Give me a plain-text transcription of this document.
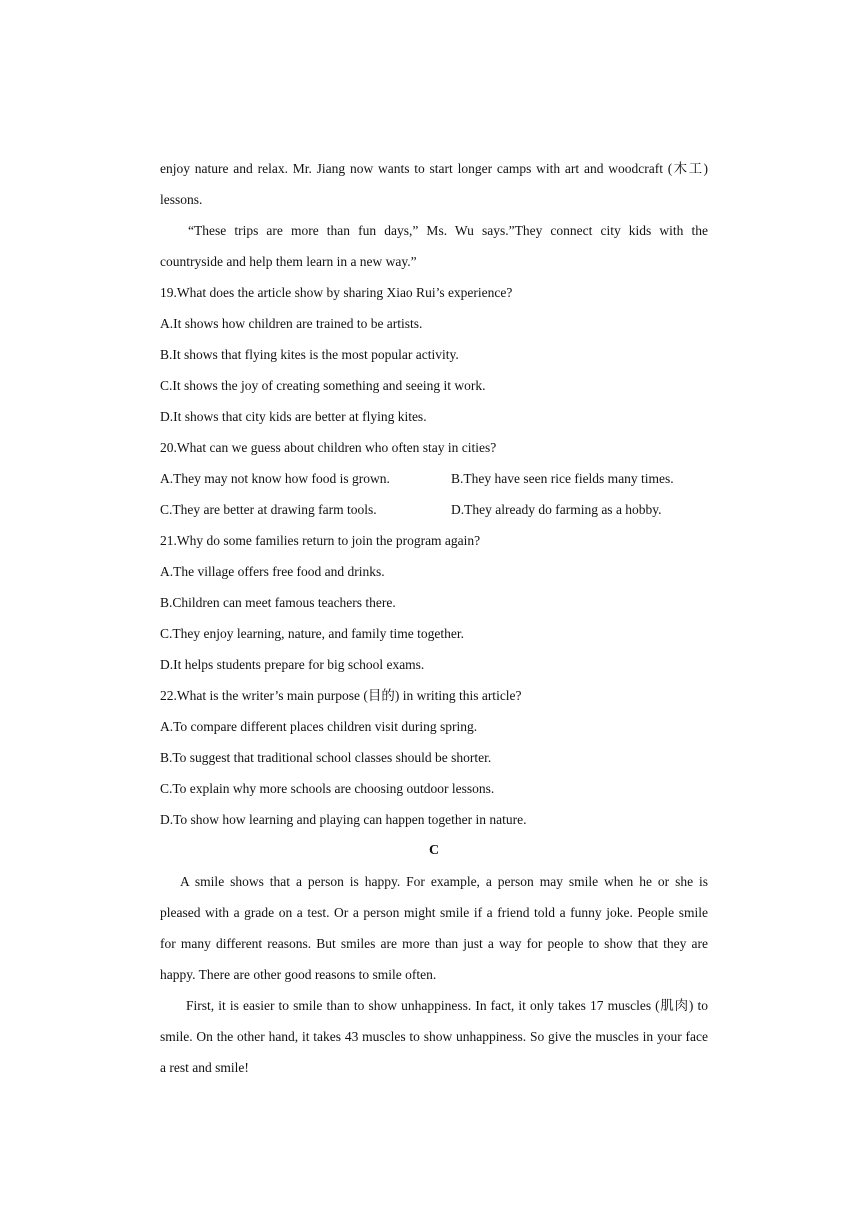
enjoy nature and relax. Mr. Jiang now wants to start longer camps with art and woodcraft (木工)
lessons.
“These trips are more than fun days,” Ms. Wu says.”They connect city kids with the
countryside and help them learn in a new way.”
19.What does the article show by sharing Xiao Rui’s experience?
A.It shows how children are trained to be artists.
B.It shows that flying kites is the most popular activity.
C.It shows the joy of creating something and seeing it work.
D.It shows that city kids are better at flying kites.
20.What can we guess about children who often stay in cities?
A.They may not know how food is grown.	B.They have seen rice fields many times.
C.They are better at drawing farm tools.	D.They already do farming as a hobby.
21.Why do some families return to join the program again?
A.The village offers free food and drinks.
B.Children can meet famous teachers there.
C.They enjoy learning, nature, and family time together.
D.It helps students prepare for big school exams.
22.What is the writer’s main purpose (目的) in writing this article?
A.To compare different places children visit during spring.
B.To suggest that traditional school classes should be shorter.
C.To explain why more schools are choosing outdoor lessons.
D.To show how learning and playing can happen together in nature.
C
A smile shows that a person is happy. For example, a person may smile when he or she is
pleased with a grade on a test. Or a person might smile if a friend told a funny joke. People smile
for many different reasons. But smiles are more than just a way for people to show that they are
happy. There are other good reasons to smile often.
First, it is easier to smile than to show unhappiness. In fact, it only takes 17 muscles (肌肉) to
smile. On the other hand, it takes 43 muscles to show unhappiness. So give the muscles in your face
a rest and smile!
